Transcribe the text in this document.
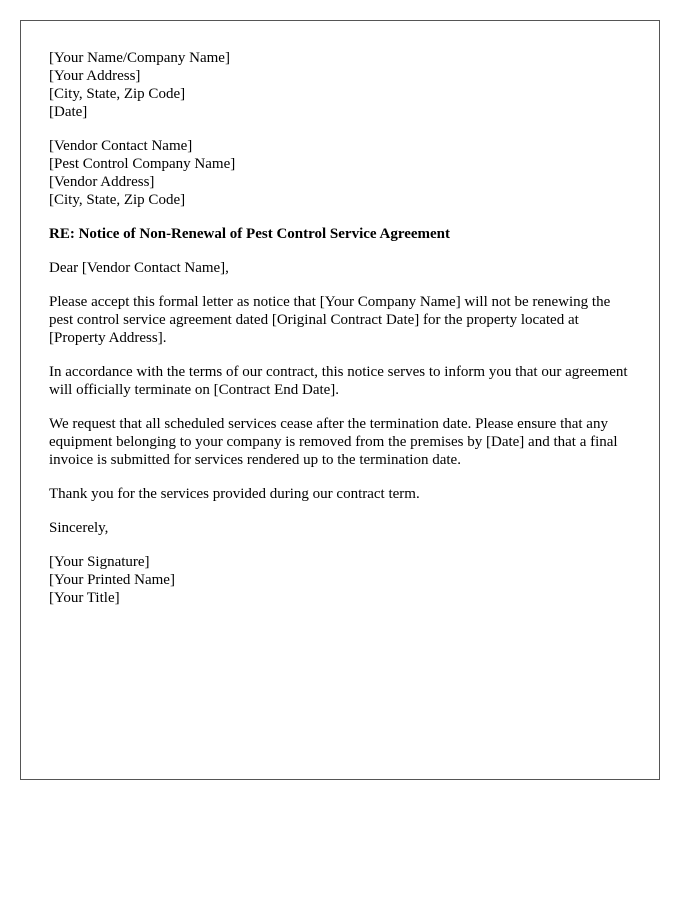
[Your Name/Company Name]
[Your Address]
[City, State, Zip Code]
[Date]
[Vendor Contact Name]
[Pest Control Company Name]
[Vendor Address]
[City, State, Zip Code]
RE: Notice of Non-Renewal of Pest Control Service Agreement

Dear [Vendor Contact Name],

Please accept this formal letter as notice that [Your Company Name] will not be renewing the pest control service agreement dated [Original Contract Date] for the property located at [Property Address].

In accordance with the terms of our contract, this notice serves to inform you that our agreement will officially terminate on [Contract End Date].

We request that all scheduled services cease after the termination date. Please ensure that any equipment belonging to your company is removed from the premises by [Date] and that a final invoice is submitted for services rendered up to the termination date.

Thank you for the services provided during our contract term.

Sincerely,

[Your Signature]
[Your Printed Name]
[Your Title]
